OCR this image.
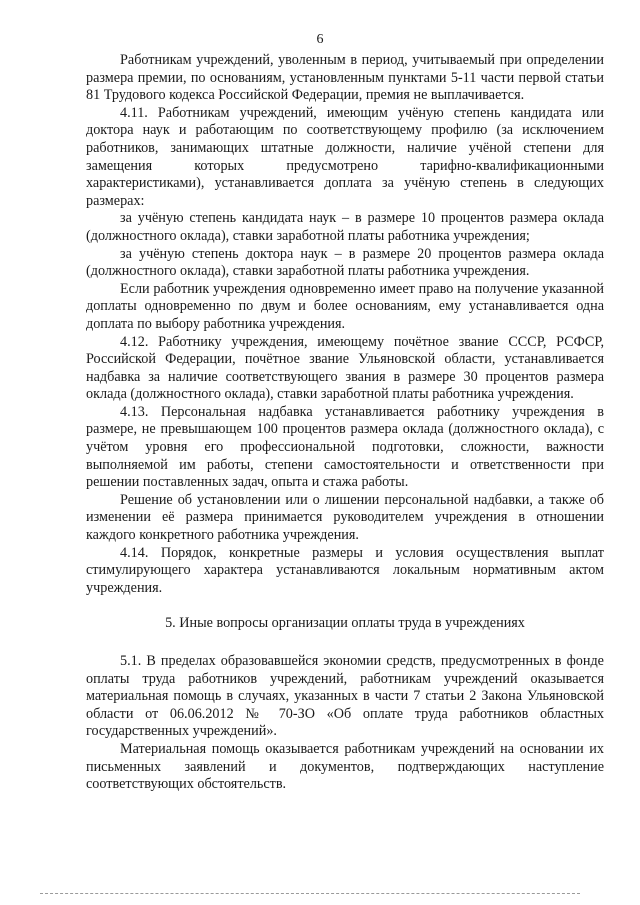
6

Работникам учреждений, уволенным в период, учитываемый при определении размера премии, по основаниям, установленным пунктами 5-11 части первой статьи 81 Трудового кодекса Российской Федерации, премия не выплачивается.

4.11. Работникам учреждений, имеющим учёную степень кандидата или доктора наук и работающим по соответствующему профилю (за исключением работников, занимающих штатные должности, наличие учёной степени для замещения которых предусмотрено тарифно-квалификационными характеристиками), устанавливается доплата за учёную степень в следующих размерах:

за учёную степень кандидата наук – в размере 10 процентов размера оклада (должностного оклада), ставки заработной платы работника учреждения;

за учёную степень доктора наук – в размере 20 процентов размера оклада (должностного оклада), ставки заработной платы работника учреждения.

Если работник учреждения одновременно имеет право на получение указанной доплаты одновременно по двум и более основаниям, ему устанавливается одна доплата по выбору работника учреждения.

4.12. Работнику учреждения, имеющему почётное звание СССР, РСФСР, Российской Федерации, почётное звание Ульяновской области, устанавливается надбавка за наличие соответствующего звания в размере 30 процентов размера оклада (должностного оклада), ставки заработной платы работника учреждения.

4.13. Персональная надбавка устанавливается работнику учреждения в размере, не превышающем 100 процентов размера оклада (должностного оклада), с учётом уровня его профессиональной подготовки, сложности, важности выполняемой им работы, степени самостоятельности и ответственности при решении поставленных задач, опыта и стажа работы.

Решение об установлении или о лишении персональной надбавки, а также об изменении её размера принимается руководителем учреждения в отношении каждого конкретного работника учреждения.

4.14. Порядок, конкретные размеры и условия осуществления выплат стимулирующего характера устанавливаются локальным нормативным актом учреждения.

5. Иные вопросы организации оплаты труда в учреждениях

5.1. В пределах образовавшейся экономии средств, предусмотренных в фонде оплаты труда работников учреждений, работникам учреждений оказывается материальная помощь в случаях, указанных в части 7 статьи 2 Закона Ульяновской области от 06.06.2012 № 70-ЗО «Об оплате труда работников областных государственных учреждений».

Материальная помощь оказывается работникам учреждений на основании их письменных заявлений и документов, подтверждающих наступление соответствующих обстоятельств.
